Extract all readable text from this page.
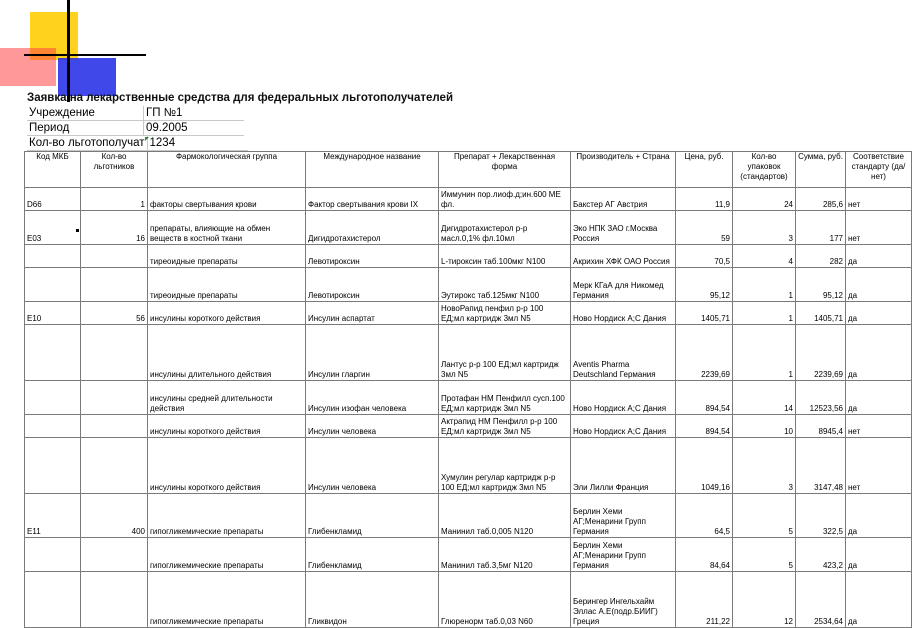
Заявка на лекарственные средства для федеральных льготополучателей
Учреждение	ГП №1
Период	09.2005
Кол-во льготополучат	1234
Код МКБ	Кол-во льготников	Фармокологическая группа	Международное название	Препарат + Лекарственная форма	Производитель + Страна	Цена, руб.	Кол-во упаковок (стандартов)	Сумма, руб.	Соответствие стандарту (да/нет)
D66	1	факторы свертывания крови	Фактор свертывания крови IX	Иммунин пор.лиоф.д;ин.600 МЕ фл.	Бакстер АГ Австрия	11,9	24	285,6	нет
E03	16	препараты, влияющие на обмен веществ в костной ткани	Дигидротахистерол	Дигидротахистерол р-р масл.0,1% фл.10мл	Эко НПК ЗАО г.Москва Россия	59	3	177	нет
		тиреоидные препараты	Левотироксин	L-тироксин таб.100мкг N100	Акрихин ХФК ОАО Россия	70,5	4	282	да
		тиреоидные препараты	Левотироксин	Эутирокс таб.125мкг N100	Мерк КГаА для Никомед Германия	95,12	1	95,12	да
E10	56	инсулины короткого действия	Инсулин аспартат	НовоРапид пенфил р-р 100 ЕД;мл картридж 3мл N5	Ново Нордиск А;С Дания	1405,71	1	1405,71	да
		инсулины длительного действия	Инсулин гларгин	Лантус р-р 100 ЕД;мл картридж 3мл N5	Aventis Pharma Deutschland Германия	2239,69	1	2239,69	да
		инсулины средней длительности действия	Инсулин изофан человека	Протафан НМ Пенфилл сусп.100 ЕД;мл картридж 3мл N5	Ново Нордиск А;С Дания	894,54	14	12523,56	да
		инсулины короткого действия	Инсулин человека	Актрапид НМ Пенфилл р-р 100 ЕД;мл картридж 3мл N5	Ново Нордиск А;С Дания	894,54	10	8945,4	нет
		инсулины короткого действия	Инсулин человека	Хумулин регулар картридж р-р 100 ЕД;мл картридж 3мл N5	Эли Лилли Франция	1049,16	3	3147,48	нет
E11	400	гипогликемические препараты	Глибенкламид	Манинил таб.0,005 N120	Берлин Хеми АГ;Менарини Групп Германия	64,5	5	322,5	да
		гипогликемические препараты	Глибенкламид	Манинил таб.3,5мг N120	Берлин Хеми АГ;Менарини Групп Германия	84,64	5	423,2	да
		гипогликемические препараты	Гликвидон	Глюренорм таб.0,03 N60	Берингер Ингельхайм Эллас А.Е(подр.БИИГ) Греция	211,22	12	2534,64	да
